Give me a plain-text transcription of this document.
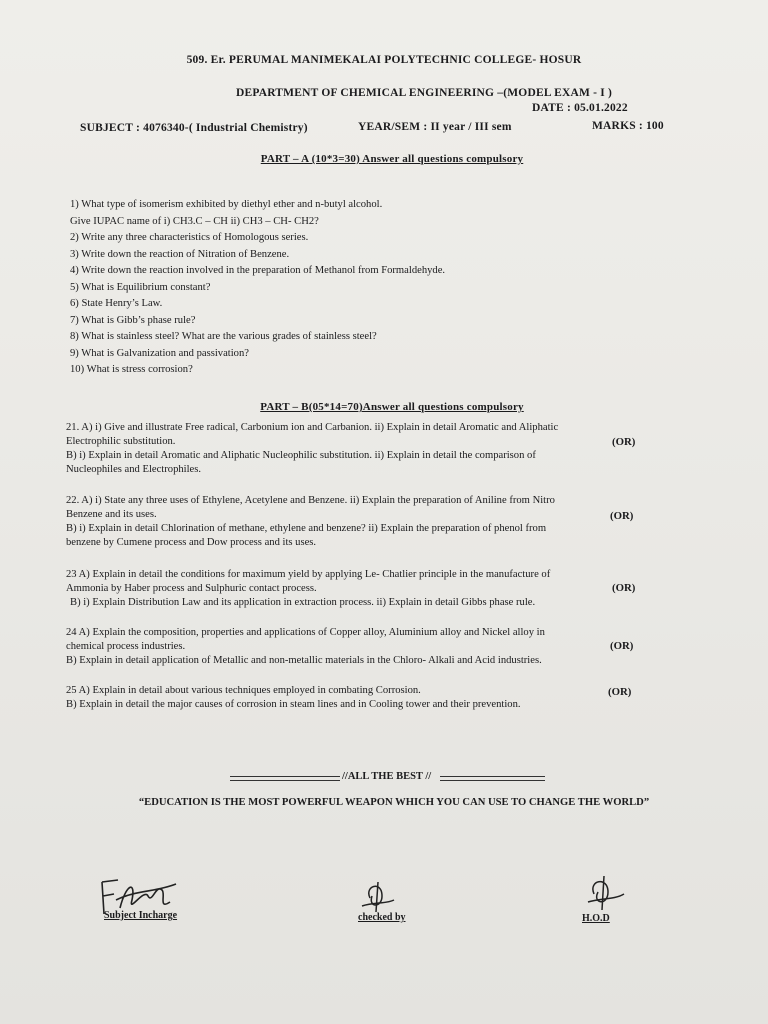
509. Er. PERUMAL MANIMEKALAI POLYTECHNIC COLLEGE- HOSUR
DEPARTMENT OF CHEMICAL ENGINEERING –(MODEL EXAM - I )
DATE : 05.01.2022
SUBJECT : 4076340-( Industrial Chemistry)	YEAR/SEM : II year / III sem	MARKS : 100
PART – A (10*3=30) Answer all questions compulsory
1) What type of isomerism exhibited by diethyl ether and n-butyl alcohol.
Give IUPAC name of i) CH3.C – CH ii) CH3 – CH- CH2?
2) Write any three characteristics of Homologous series.
3) Write down the reaction of Nitration of Benzene.
4) Write down the reaction involved in the preparation of Methanol from Formaldehyde.
5) What is Equilibrium constant?
6) State Henry’s Law.
7) What is Gibb’s phase rule?
8) What is stainless steel? What are the various grades of stainless steel?
9) What is Galvanization and passivation?
10) What is stress corrosion?
PART – B(05*14=70)Answer all questions compulsory
21. A) i) Give and illustrate Free radical, Carbonium ion and Carbanion. ii) Explain in detail Aromatic and Aliphatic
Electrophilic substitution.
B) i) Explain in detail Aromatic and Aliphatic Nucleophilic substitution. ii) Explain in detail the comparison of
Nucleophiles and Electrophiles.
(OR)
22. A) i) State any three uses of Ethylene, Acetylene and Benzene. ii) Explain the preparation of Aniline from Nitro
Benzene and its uses.
B) i) Explain in detail Chlorination of methane, ethylene and benzene? ii) Explain the preparation of phenol from
benzene by Cumene process and Dow process and its uses.
(OR)
23 A) Explain in detail the conditions for maximum yield by applying Le- Chatlier principle in the manufacture of
Ammonia by Haber process and Sulphuric contact process.
B) i) Explain Distribution Law and its application in extraction process. ii) Explain in detail Gibbs phase rule.
(OR)
24 A) Explain the composition, properties and applications of Copper alloy, Aluminium alloy and Nickel alloy in
chemical process industries.
B) Explain in detail application of Metallic and non-metallic materials in the Chloro- Alkali and Acid industries.
(OR)
25 A) Explain in detail about various techniques employed in combating Corrosion.
B) Explain in detail the major causes of corrosion in steam lines and in Cooling tower and their prevention.
(OR)
//ALL THE BEST //
“EDUCATION IS THE MOST POWERFUL WEAPON WHICH YOU CAN USE TO CHANGE THE WORLD”
Subject Incharge	checked by	H.O.D
